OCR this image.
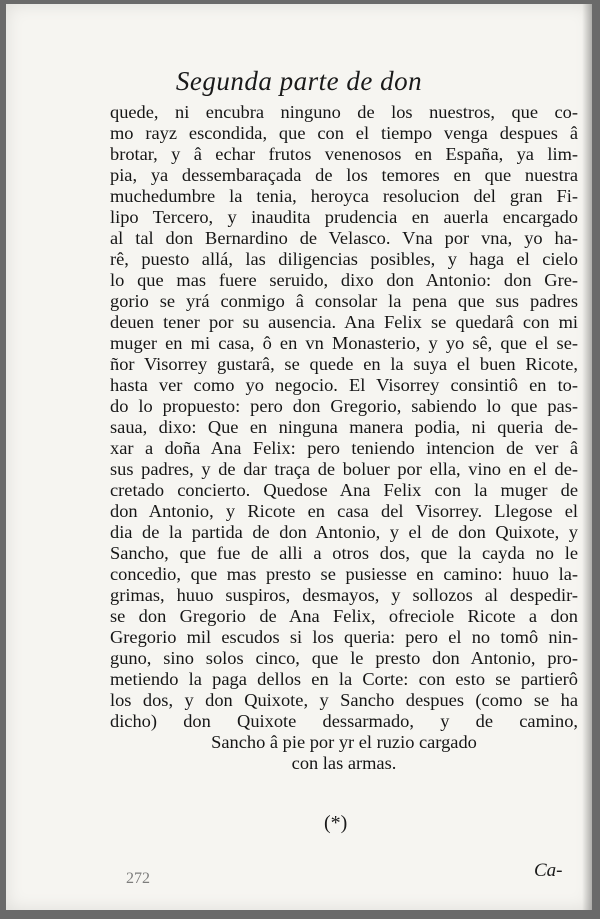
Segunda parte de don
quede, ni encubra ninguno de los nuestros, que co-
mo rayz escondida, que con el tiempo venga despues â
brotar, y â echar frutos venenosos en España, ya lim-
pia, ya dessembaraçada de los temores en que nuestra
muchedumbre la tenia, heroyca resolucion del gran Fi-
lipo Tercero, y inaudita prudencia en auerla encargado
al tal don Bernardino de Velasco. Vna por vna, yo ha-
rê, puesto allá, las diligencias posibles, y haga el cielo
lo que mas fuere seruido, dixo don Antonio: don Gre-
gorio se yrá conmigo â consolar la pena que sus padres
deuen tener por su ausencia. Ana Felix se quedarâ con mi
muger en mi casa, ô en vn Monasterio, y yo sê, que el se-
ñor Visorrey gustarâ, se quede en la suya el buen Ricote,
hasta ver como yo negocio. El Visorrey consintiô en to-
do lo propuesto: pero don Gregorio, sabiendo lo que pas-
saua, dixo: Que en ninguna manera podia, ni queria de-
xar a doña Ana Felix: pero teniendo intencion de ver â
sus padres, y de dar traça de boluer por ella, vino en el de-
cretado concierto. Quedose Ana Felix con la muger de
don Antonio, y Ricote en casa del Visorrey. Llegose el
dia de la partida de don Antonio, y el de don Quixote, y
Sancho, que fue de alli a otros dos, que la cayda no le
concedio, que mas presto se pusiesse en camino: huuo la-
grimas, huuo suspiros, desmayos, y sollozos al despedir-
se don Gregorio de Ana Felix, ofreciole Ricote a don
Gregorio mil escudos si los queria: pero el no tomô nin-
guno, sino solos cinco, que le presto don Antonio, pro-
metiendo la paga dellos en la Corte: con esto se partierô
los dos, y don Quixote, y Sancho despues (como se ha
dicho) don Quixote dessarmado, y de camino,
Sancho â pie por yr el ruzio cargado
con las armas.
(*)
272	Ca-
